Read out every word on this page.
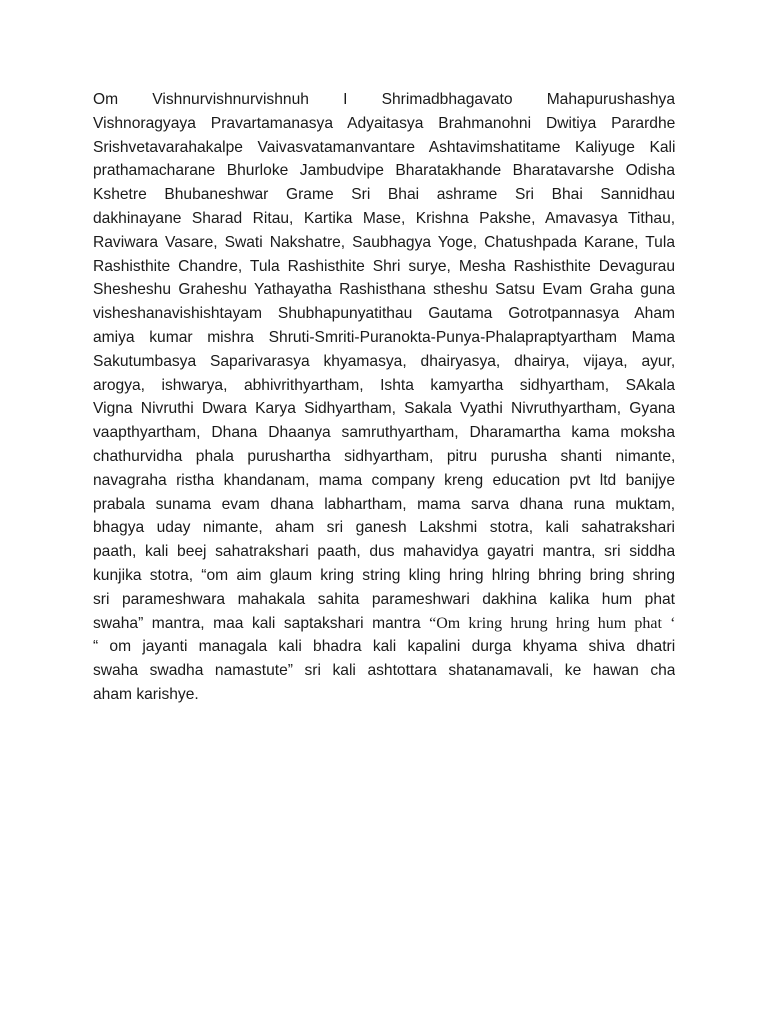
Om Vishnurvishnurvishnuh I Shrimadbhagavato Mahapurushashya
Vishnoragyaya Pravartamanasya Adyaitasya Brahmanohni Dwitiya Parardhe
Srishvetavarahakalpe Vaivasvatamanvantare Ashtavimshatitame Kaliyuge Kali
prathamacharane Bhurloke Jambudvipe Bharatakhande Bharatavarshe Odisha
Kshetre Bhubaneshwar Grame Sri Bhai ashrame Sri Bhai Sannidhau
dakhinayane Sharad Ritau, Kartika Mase, Krishna Pakshe, Amavasya Tithau,
Raviwara Vasare, Swati Nakshatre, Saubhagya Yoge, Chatushpada Karane, Tula
Rashisthite Chandre, Tula Rashisthite Shri surye, Mesha Rashisthite Devagurau
Shesheshu Graheshu Yathayatha Rashisthana stheshu Satsu Evam Graha guna
visheshanavishishtayam Shubhapunyatithau Gautama Gotrotpannasya Aham
amiya kumar mishra Shruti-Smriti-Puranokta-Punya-Phalapraptyartham Mama
Sakutumbasya Saparivarasya khyamasya, dhairyasya, dhairya, vijaya, ayur,
arogya, ishwarya, abhivrithyartham, Ishta kamyartha sidhyartham, SAkala
Vigna Nivruthi Dwara Karya Sidhyartham, Sakala Vyathi Nivruthyartham, Gyana
vaapthyartham, Dhana Dhaanya samruthyartham, Dharamartha kama moksha
chathurvidha phala purushartha sidhyartham, pitru purusha shanti nimante,
navagraha ristha khandanam, mama company kreng education pvt ltd banijye
prabala sunama evam dhana labhartham, mama sarva dhana runa muktam,
bhagya uday nimante, aham sri ganesh Lakshmi stotra, kali sahatrakshari
paath, kali beej sahatrakshari paath, dus mahavidya gayatri mantra, sri siddha
kunjika stotra, “om aim glaum kring string kling hring hlring bhring bring shring
sri parameshwara mahakala sahita parameshwari dakhina kalika hum phat
swaha” mantra, maa kali saptakshari mantra “Om kring hrung hring hum phat ‘
“ om jayanti managala kali bhadra kali kapalini durga khyama shiva dhatri
swaha swadha namastute” sri kali ashtottara shatanamavali, ke hawan cha
aham karishye.
